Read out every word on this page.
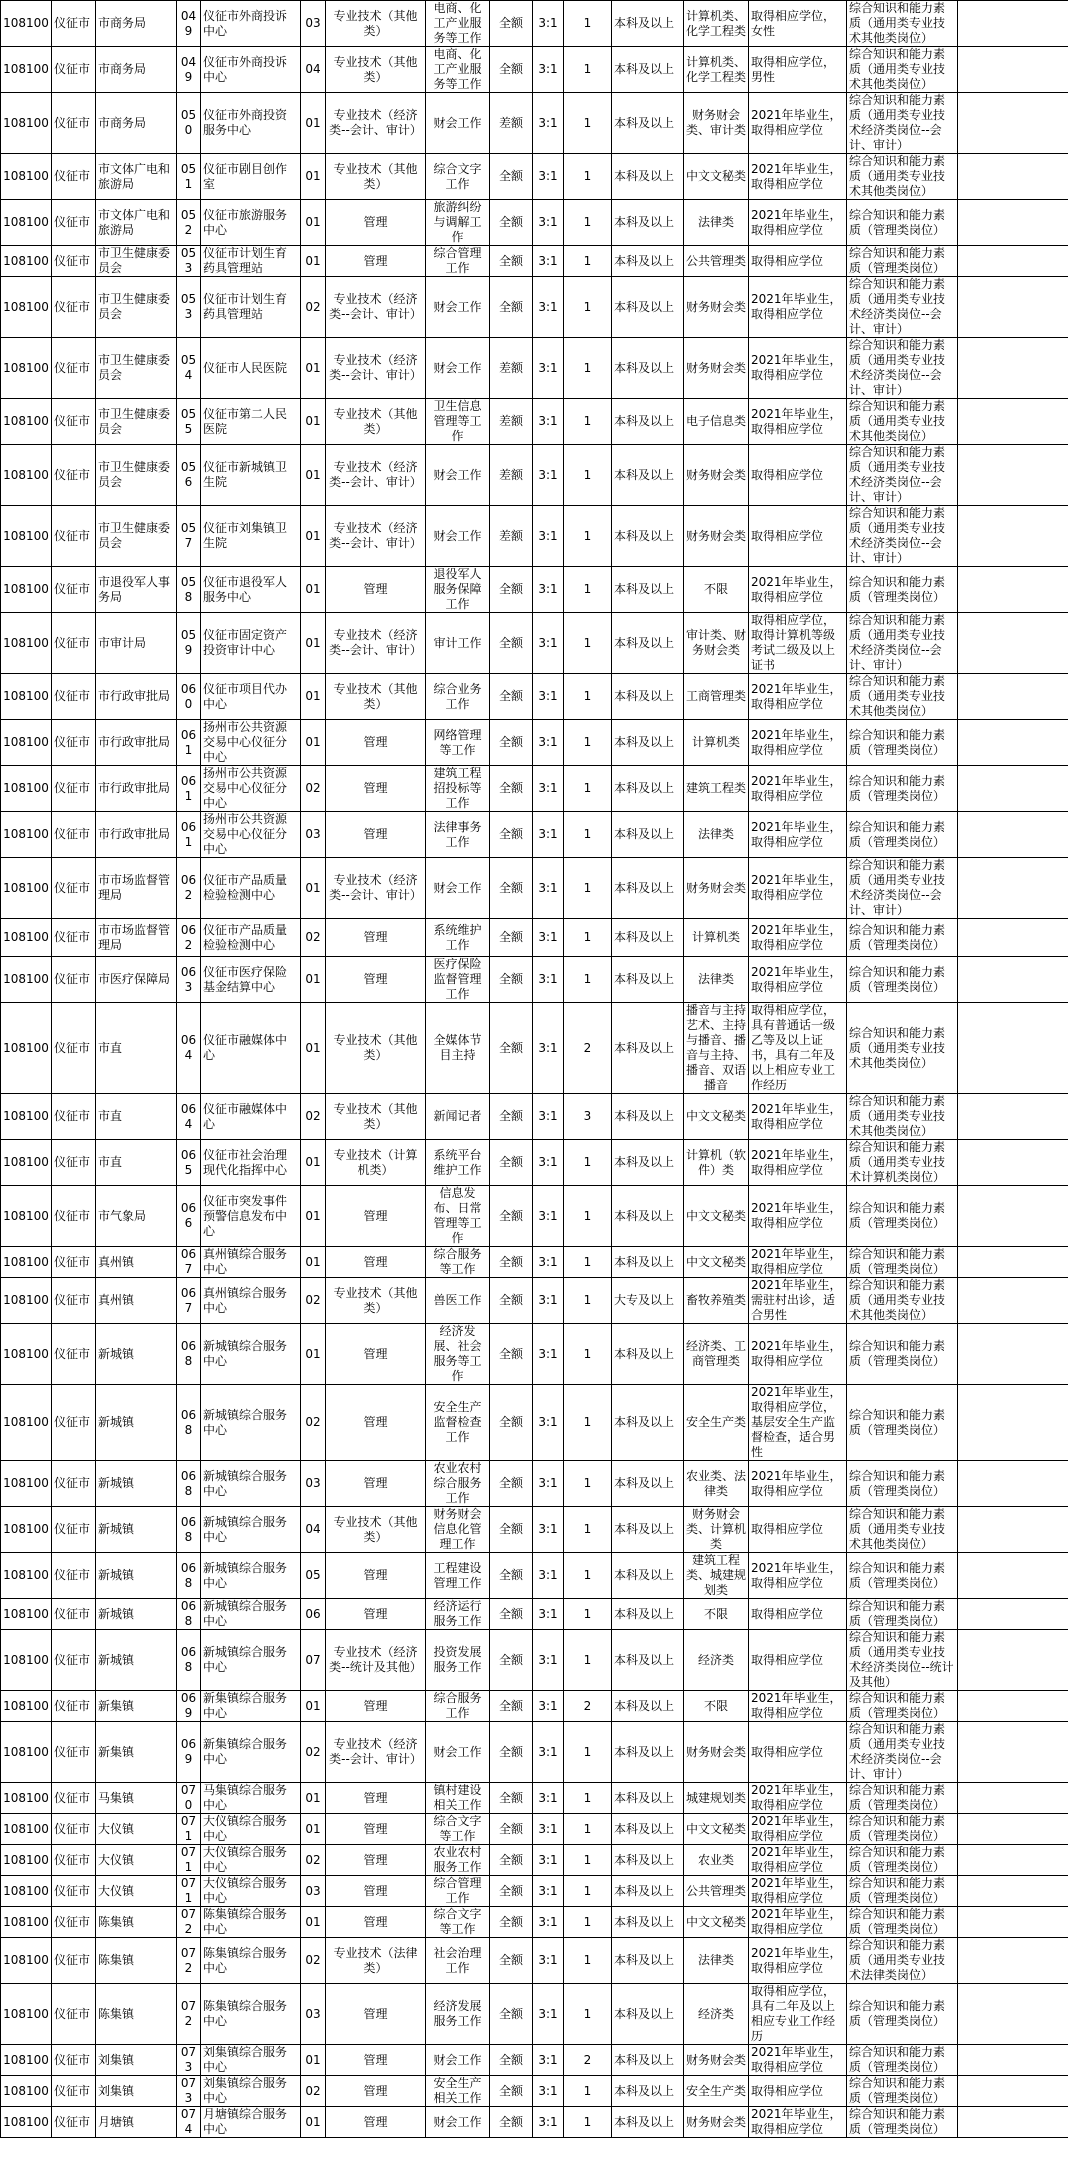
108100	仪征市	市商务局	049	仪征市外商投诉中心	03	专业技术（其他类）	电商、化工产业服务等工作	全额	3:1	1	本科及以上	计算机类、化学工程类	取得相应学位，女性	综合知识和能力素质（通用类专业技术其他类岗位）	
108100	仪征市	市商务局	049	仪征市外商投诉中心	04	专业技术（其他类）	电商、化工产业服务等工作	全额	3:1	1	本科及以上	计算机类、化学工程类	取得相应学位，男性	综合知识和能力素质（通用类专业技术其他类岗位）	
108100	仪征市	市商务局	050	仪征市外商投资服务中心	01	专业技术（经济类--会计、审计）	财会工作	差额	3:1	1	本科及以上	财务财会类、审计类	2021年毕业生，取得相应学位	综合知识和能力素质（通用类专业技术经济类岗位--会计、审计）	
108100	仪征市	市文体广电和旅游局	051	仪征市剧目创作室	01	专业技术（其他类）	综合文字工作	全额	3:1	1	本科及以上	中文文秘类	2021年毕业生，取得相应学位	综合知识和能力素质（通用类专业技术其他类岗位）	
108100	仪征市	市文体广电和旅游局	052	仪征市旅游服务中心	01	管理	旅游纠纷与调解工作	全额	3:1	1	本科及以上	法律类	2021年毕业生，取得相应学位	综合知识和能力素质（管理类岗位）	
108100	仪征市	市卫生健康委员会	053	仪征市计划生育药具管理站	01	管理	综合管理工作	全额	3:1	1	本科及以上	公共管理类	取得相应学位	综合知识和能力素质（管理类岗位）	
108100	仪征市	市卫生健康委员会	053	仪征市计划生育药具管理站	02	专业技术（经济类--会计、审计）	财会工作	全额	3:1	1	本科及以上	财务财会类	2021年毕业生，取得相应学位	综合知识和能力素质（通用类专业技术经济类岗位--会计、审计）	
108100	仪征市	市卫生健康委员会	054	仪征市人民医院	01	专业技术（经济类--会计、审计）	财会工作	差额	3:1	1	本科及以上	财务财会类	2021年毕业生，取得相应学位	综合知识和能力素质（通用类专业技术经济类岗位--会计、审计）	
108100	仪征市	市卫生健康委员会	055	仪征市第二人民医院	01	专业技术（其他类）	卫生信息管理等工作	差额	3:1	1	本科及以上	电子信息类	2021年毕业生，取得相应学位	综合知识和能力素质（通用类专业技术其他类岗位）	
108100	仪征市	市卫生健康委员会	056	仪征市新城镇卫生院	01	专业技术（经济类--会计、审计）	财会工作	差额	3:1	1	本科及以上	财务财会类	取得相应学位	综合知识和能力素质（通用类专业技术经济类岗位--会计、审计）	
108100	仪征市	市卫生健康委员会	057	仪征市刘集镇卫生院	01	专业技术（经济类--会计、审计）	财会工作	差额	3:1	1	本科及以上	财务财会类	取得相应学位	综合知识和能力素质（通用类专业技术经济类岗位--会计、审计）	
108100	仪征市	市退役军人事务局	058	仪征市退役军人服务中心	01	管理	退役军人服务保障工作	全额	3:1	1	本科及以上	不限	2021年毕业生，取得相应学位	综合知识和能力素质（管理类岗位）	
108100	仪征市	市审计局	059	仪征市固定资产投资审计中心	01	专业技术（经济类--会计、审计）	审计工作	全额	3:1	1	本科及以上	审计类、财务财会类	取得相应学位，取得计算机等级考试二级及以上证书	综合知识和能力素质（通用类专业技术经济类岗位--会计、审计）	
108100	仪征市	市行政审批局	060	仪征市项目代办中心	01	专业技术（其他类）	综合业务工作	全额	3:1	1	本科及以上	工商管理类	2021年毕业生，取得相应学位	综合知识和能力素质（通用类专业技术其他类岗位）	
108100	仪征市	市行政审批局	061	扬州市公共资源交易中心仪征分中心	01	管理	网络管理等工作	全额	3:1	1	本科及以上	计算机类	2021年毕业生，取得相应学位	综合知识和能力素质（管理类岗位）	
108100	仪征市	市行政审批局	061	扬州市公共资源交易中心仪征分中心	02	管理	建筑工程招投标等工作	全额	3:1	1	本科及以上	建筑工程类	2021年毕业生，取得相应学位	综合知识和能力素质（管理类岗位）	
108100	仪征市	市行政审批局	061	扬州市公共资源交易中心仪征分中心	03	管理	法律事务工作	全额	3:1	1	本科及以上	法律类	2021年毕业生，取得相应学位	综合知识和能力素质（管理类岗位）	
108100	仪征市	市市场监督管理局	062	仪征市产品质量检验检测中心	01	专业技术（经济类--会计、审计）	财会工作	全额	3:1	1	本科及以上	财务财会类	2021年毕业生，取得相应学位	综合知识和能力素质（通用类专业技术经济类岗位--会计、审计）	
108100	仪征市	市市场监督管理局	062	仪征市产品质量检验检测中心	02	管理	系统维护工作	全额	3:1	1	本科及以上	计算机类	2021年毕业生，取得相应学位	综合知识和能力素质（管理类岗位）	
108100	仪征市	市医疗保障局	063	仪征市医疗保险基金结算中心	01	管理	医疗保险监督管理工作	全额	3:1	1	本科及以上	法律类	2021年毕业生，取得相应学位	综合知识和能力素质（管理类岗位）	
108100	仪征市	市直	064	仪征市融媒体中心	01	专业技术（其他类）	全媒体节目主持	全额	3:1	2	本科及以上	播音与主持艺术、主持与播音、播音与主持、播音、双语播音	取得相应学位，具有普通话一级乙等及以上证书，具有二年及以上相应专业工作经历	综合知识和能力素质（通用类专业技术其他类岗位）	
108100	仪征市	市直	064	仪征市融媒体中心	02	专业技术（其他类）	新闻记者	全额	3:1	3	本科及以上	中文文秘类	2021年毕业生，取得相应学位	综合知识和能力素质（通用类专业技术其他类岗位）	
108100	仪征市	市直	065	仪征市社会治理现代化指挥中心	01	专业技术（计算机类）	系统平台维护工作	全额	3:1	1	本科及以上	计算机（软件）类	2021年毕业生，取得相应学位	综合知识和能力素质（通用类专业技术计算机类岗位）	
108100	仪征市	市气象局	066	仪征市突发事件预警信息发布中心	01	管理	信息发布、日常管理等工作	全额	3:1	1	本科及以上	中文文秘类	2021年毕业生，取得相应学位	综合知识和能力素质（管理类岗位）	
108100	仪征市	真州镇	067	真州镇综合服务中心	01	管理	综合服务等工作	全额	3:1	1	本科及以上	中文文秘类	2021年毕业生，取得相应学位	综合知识和能力素质（管理类岗位）	
108100	仪征市	真州镇	067	真州镇综合服务中心	02	专业技术（其他类）	兽医工作	全额	3:1	1	大专及以上	畜牧养殖类	2021年毕业生，需驻村出诊，适合男性	综合知识和能力素质（通用类专业技术其他类岗位）	
108100	仪征市	新城镇	068	新城镇综合服务中心	01	管理	经济发展、社会服务等工作	全额	3:1	1	本科及以上	经济类、工商管理类	2021年毕业生，取得相应学位	综合知识和能力素质（管理类岗位）	
108100	仪征市	新城镇	068	新城镇综合服务中心	02	管理	安全生产监督检查工作	全额	3:1	1	本科及以上	安全生产类	2021年毕业生，取得相应学位，基层安全生产监督检查，适合男性	综合知识和能力素质（管理类岗位）	
108100	仪征市	新城镇	068	新城镇综合服务中心	03	管理	农业农村综合服务工作	全额	3:1	1	本科及以上	农业类、法律类	2021年毕业生，取得相应学位	综合知识和能力素质（管理类岗位）	
108100	仪征市	新城镇	068	新城镇综合服务中心	04	专业技术（其他类）	财务财会信息化管理工作	全额	3:1	1	本科及以上	财务财会类、计算机类	取得相应学位	综合知识和能力素质（通用类专业技术其他类岗位）	
108100	仪征市	新城镇	068	新城镇综合服务中心	05	管理	工程建设管理工作	全额	3:1	1	本科及以上	建筑工程类、城建规划类	2021年毕业生，取得相应学位	综合知识和能力素质（管理类岗位）	
108100	仪征市	新城镇	068	新城镇综合服务中心	06	管理	经济运行服务工作	全额	3:1	1	本科及以上	不限	取得相应学位	综合知识和能力素质（管理类岗位）	
108100	仪征市	新城镇	068	新城镇综合服务中心	07	专业技术（经济类--统计及其他）	投资发展服务工作	全额	3:1	1	本科及以上	经济类	取得相应学位	综合知识和能力素质（通用类专业技术经济类岗位--统计及其他）	
108100	仪征市	新集镇	069	新集镇综合服务中心	01	管理	综合服务工作	全额	3:1	2	本科及以上	不限	2021年毕业生，取得相应学位	综合知识和能力素质（管理类岗位）	
108100	仪征市	新集镇	069	新集镇综合服务中心	02	专业技术（经济类--会计、审计）	财会工作	全额	3:1	1	本科及以上	财务财会类	取得相应学位	综合知识和能力素质（通用类专业技术经济类岗位--会计、审计）	
108100	仪征市	马集镇	070	马集镇综合服务中心	01	管理	镇村建设相关工作	全额	3:1	1	本科及以上	城建规划类	2021年毕业生，取得相应学位	综合知识和能力素质（管理类岗位）	
108100	仪征市	大仪镇	071	大仪镇综合服务中心	01	管理	综合文字等工作	全额	3:1	1	本科及以上	中文文秘类	2021年毕业生，取得相应学位	综合知识和能力素质（管理类岗位）	
108100	仪征市	大仪镇	071	大仪镇综合服务中心	02	管理	农业农村服务工作	全额	3:1	1	本科及以上	农业类	2021年毕业生，取得相应学位	综合知识和能力素质（管理类岗位）	
108100	仪征市	大仪镇	071	大仪镇综合服务中心	03	管理	综合管理工作	全额	3:1	1	本科及以上	公共管理类	2021年毕业生，取得相应学位	综合知识和能力素质（管理类岗位）	
108100	仪征市	陈集镇	072	陈集镇综合服务中心	01	管理	综合文字等工作	全额	3:1	1	本科及以上	中文文秘类	2021年毕业生，取得相应学位	综合知识和能力素质（管理类岗位）	
108100	仪征市	陈集镇	072	陈集镇综合服务中心	02	专业技术（法律类）	社会治理工作	全额	3:1	1	本科及以上	法律类	2021年毕业生，取得相应学位	综合知识和能力素质（通用类专业技术法律类岗位）	
108100	仪征市	陈集镇	072	陈集镇综合服务中心	03	管理	经济发展服务工作	全额	3:1	1	本科及以上	经济类	取得相应学位，具有二年及以上相应专业工作经历	综合知识和能力素质（管理类岗位）	
108100	仪征市	刘集镇	073	刘集镇综合服务中心	01	管理	财会工作	全额	3:1	2	本科及以上	财务财会类	2021年毕业生，取得相应学位	综合知识和能力素质（管理类岗位）	
108100	仪征市	刘集镇	073	刘集镇综合服务中心	02	管理	安全生产相关工作	全额	3:1	1	本科及以上	安全生产类	取得相应学位	综合知识和能力素质（管理类岗位）	
108100	仪征市	月塘镇	074	月塘镇综合服务中心	01	管理	财会工作	全额	3:1	1	本科及以上	财务财会类	2021年毕业生，取得相应学位	综合知识和能力素质（管理类岗位）	
